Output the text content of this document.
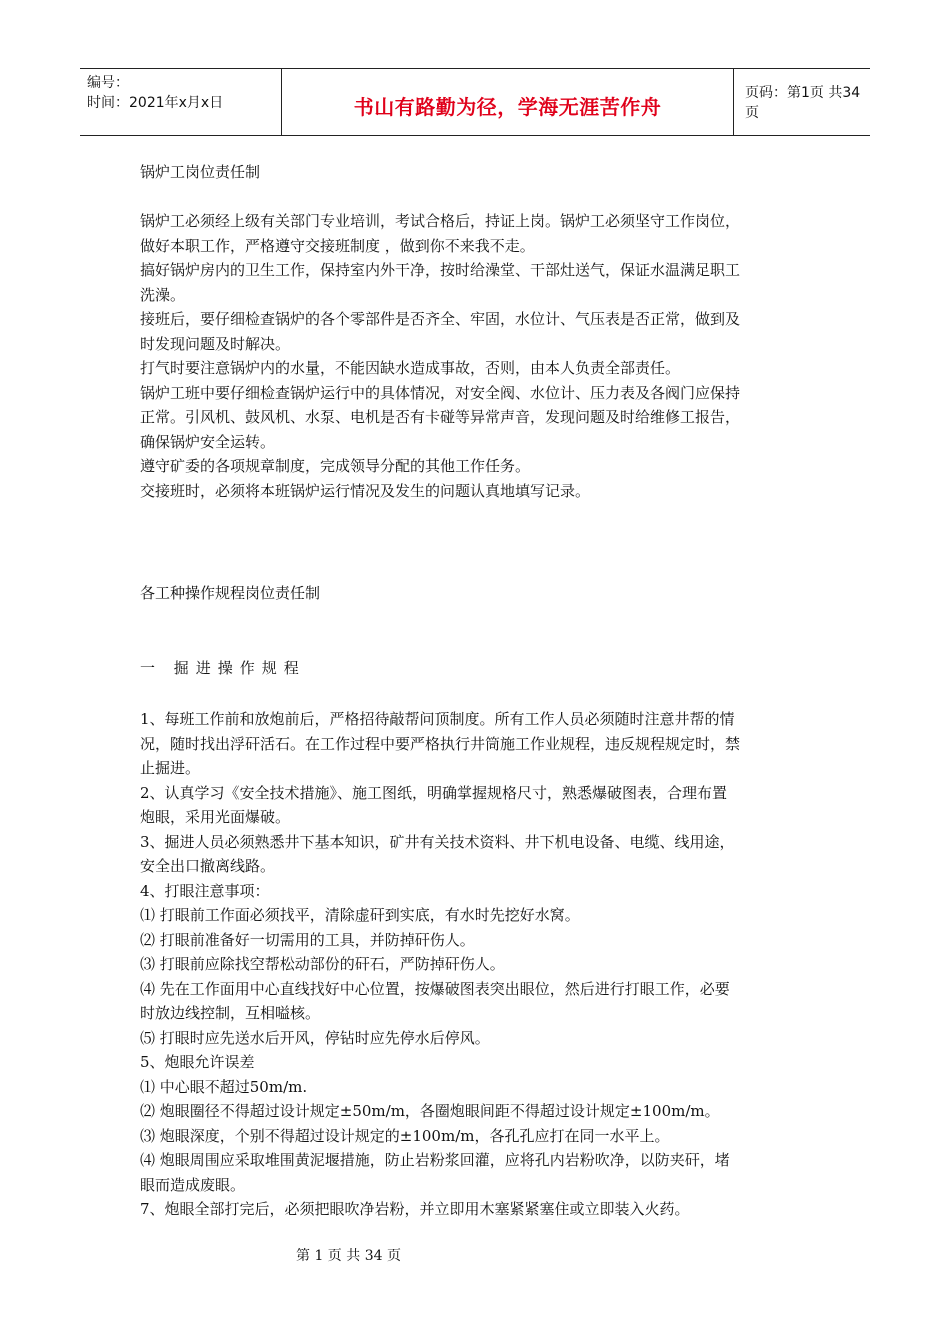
编号：
时间：2021年x月x日	书山有路勤为径，学海无涯苦作舟
页码：第1页 共34页
锅炉工岗位责任制
锅炉工必须经上级有关部门专业培训，考试合格后，持证上岗。锅炉工必须坚守工作岗位，
做好本职工作，严格遵守交接班制度 ，做到你不来我不走。
搞好锅炉房内的卫生工作，保持室内外干净，按时给澡堂、干部灶送气，保证水温满足职工
洗澡。
接班后，要仔细检查锅炉的各个零部件是否齐全、牢固，水位计、气压表是否正常，做到及
时发现问题及时解决。
打气时要注意锅炉内的水量，不能因缺水造成事故，否则，由本人负责全部责任。
锅炉工班中要仔细检查锅炉运行中的具体情况，对安全阀、水位计、压力表及各阀门应保持
正常。引风机、鼓风机、水泵、电机是否有卡碰等异常声音，发现问题及时给维修工报告，
确保锅炉安全运转。
遵守矿委的各项规章制度，完成领导分配的其他工作任务。
交接班时，必须将本班锅炉运行情况及发生的问题认真地填写记录。
各工种操作规程岗位责任制
一 掘进操作规程
1、每班工作前和放炮前后，严格招待敲帮问顶制度。所有工作人员必须随时注意井帮的情
况，随时找出浮矸活石。在工作过程中要严格执行井筒施工作业规程，违反规程规定时，禁
止掘进。
2、认真学习《安全技术措施》、施工图纸，明确掌握规格尺寸，熟悉爆破图表，合理布置
炮眼，采用光面爆破。
3、掘进人员必须熟悉井下基本知识，矿井有关技术资料、井下机电设备、电缆、线用途，
安全出口撤离线路。
4、打眼注意事项：
⑴ 打眼前工作面必须找平，清除虚矸到实底，有水时先挖好水窝。
⑵ 打眼前准备好一切需用的工具，并防掉矸伤人。
⑶ 打眼前应除找空帮松动部份的矸石，严防掉矸伤人。
⑷ 先在工作面用中心直线找好中心位置，按爆破图表突出眼位，然后进行打眼工作，必要
时放边线控制，互相嗌核。
⑸ 打眼时应先送水后开风，停钻时应先停水后停风。
5、炮眼允许误差
⑴ 中心眼不超过50m/m.
⑵ 炮眼圈径不得超过设计规定±50m/m，各圈炮眼间距不得超过设计规定±100m/m。
⑶ 炮眼深度，个别不得超过设计规定的±100m/m，各孔孔应打在同一水平上。
⑷ 炮眼周围应采取堆围黄泥堰措施，防止岩粉浆回灌，应将孔内岩粉吹净，以防夹矸，堵
眼而造成废眼。
7、炮眼全部打完后，必须把眼吹净岩粉，并立即用木塞紧紧塞住或立即装入火药。
第 1 页 共 34 页
